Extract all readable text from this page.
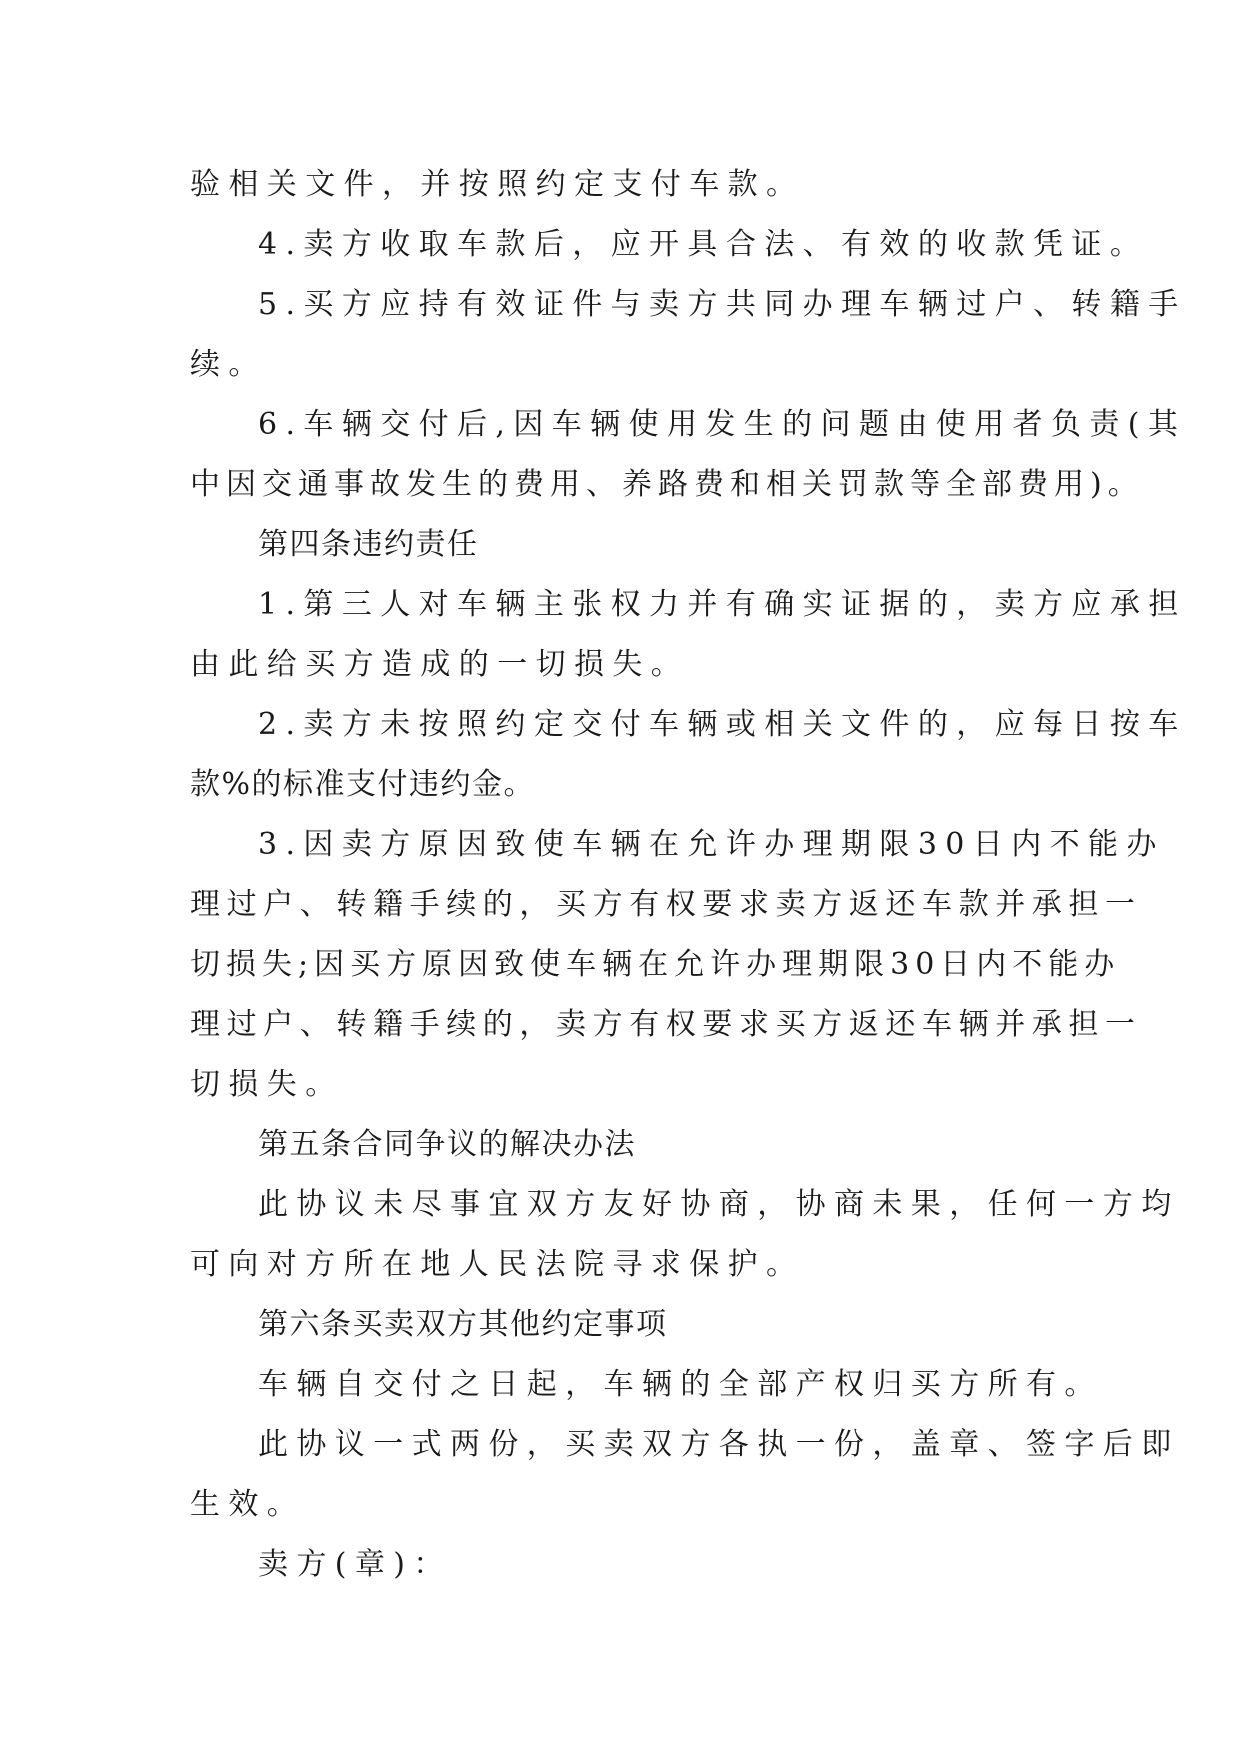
验相关文件，并按照约定支付车款。

4.卖方收取车款后，应开具合法、有效的收款凭证。

5.买方应持有效证件与卖方共同办理车辆过户、转籍手

续。

6.车辆交付后,因车辆使用发生的问题由使用者负责(其

中因交通事故发生的费用、养路费和相关罚款等全部费用)。

第四条违约责任

1.第三人对车辆主张权力并有确实证据的，卖方应承担

由此给买方造成的一切损失。

2.卖方未按照约定交付车辆或相关文件的，应每日按车

款%的标准支付违约金。

3.因卖方原因致使车辆在允许办理期限30日内不能办

理过户、转籍手续的，买方有权要求卖方返还车款并承担一

切损失;因买方原因致使车辆在允许办理期限30日内不能办

理过户、转籍手续的，卖方有权要求买方返还车辆并承担一

切损失。

第五条合同争议的解决办法

此协议未尽事宜双方友好协商，协商未果，任何一方均

可向对方所在地人民法院寻求保护。

第六条买卖双方其他约定事项

车辆自交付之日起，车辆的全部产权归买方所有。

此协议一式两份，买卖双方各执一份，盖章、签字后即

生效。

卖方(章)：
